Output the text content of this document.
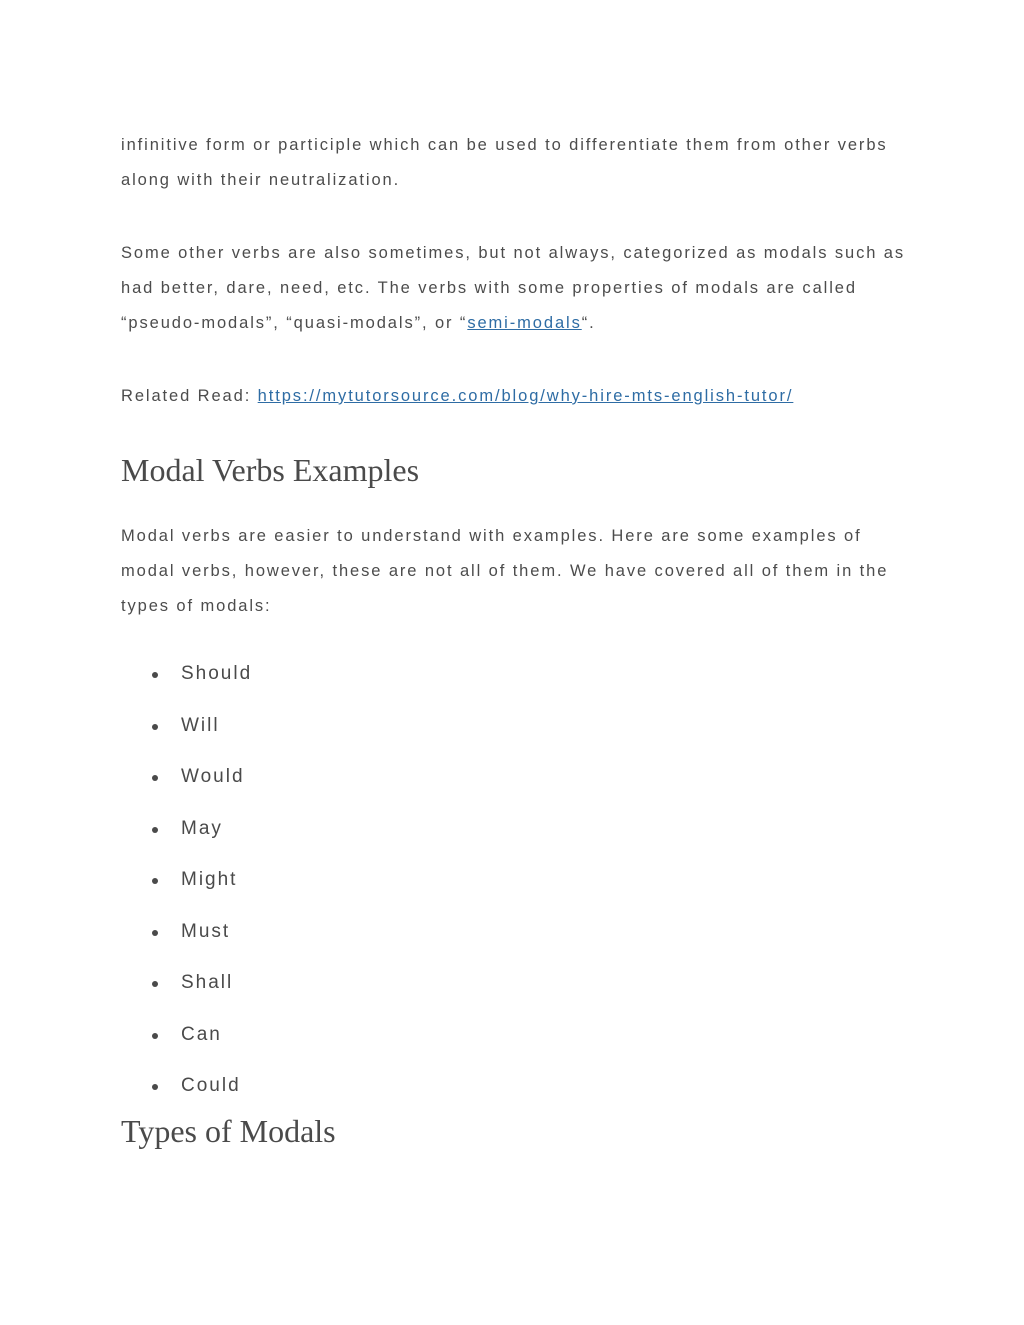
infinitive form or participle which can be used to differentiate them from other verbs along with their neutralization.

Some other verbs are also sometimes, but not always, categorized as modals such as had better, dare, need, etc. The verbs with some properties of modals are called “pseudo-modals”, “quasi-modals”, or “semi-modals“.

Related Read: https://mytutorsource.com/blog/why-hire-mts-english-tutor/

Modal Verbs Examples

Modal verbs are easier to understand with examples. Here are some examples of modal verbs, however, these are not all of them. We have covered all of them in the types of modals:

Should
Will
Would
May
Might
Must
Shall
Can
Could
Types of Modals
